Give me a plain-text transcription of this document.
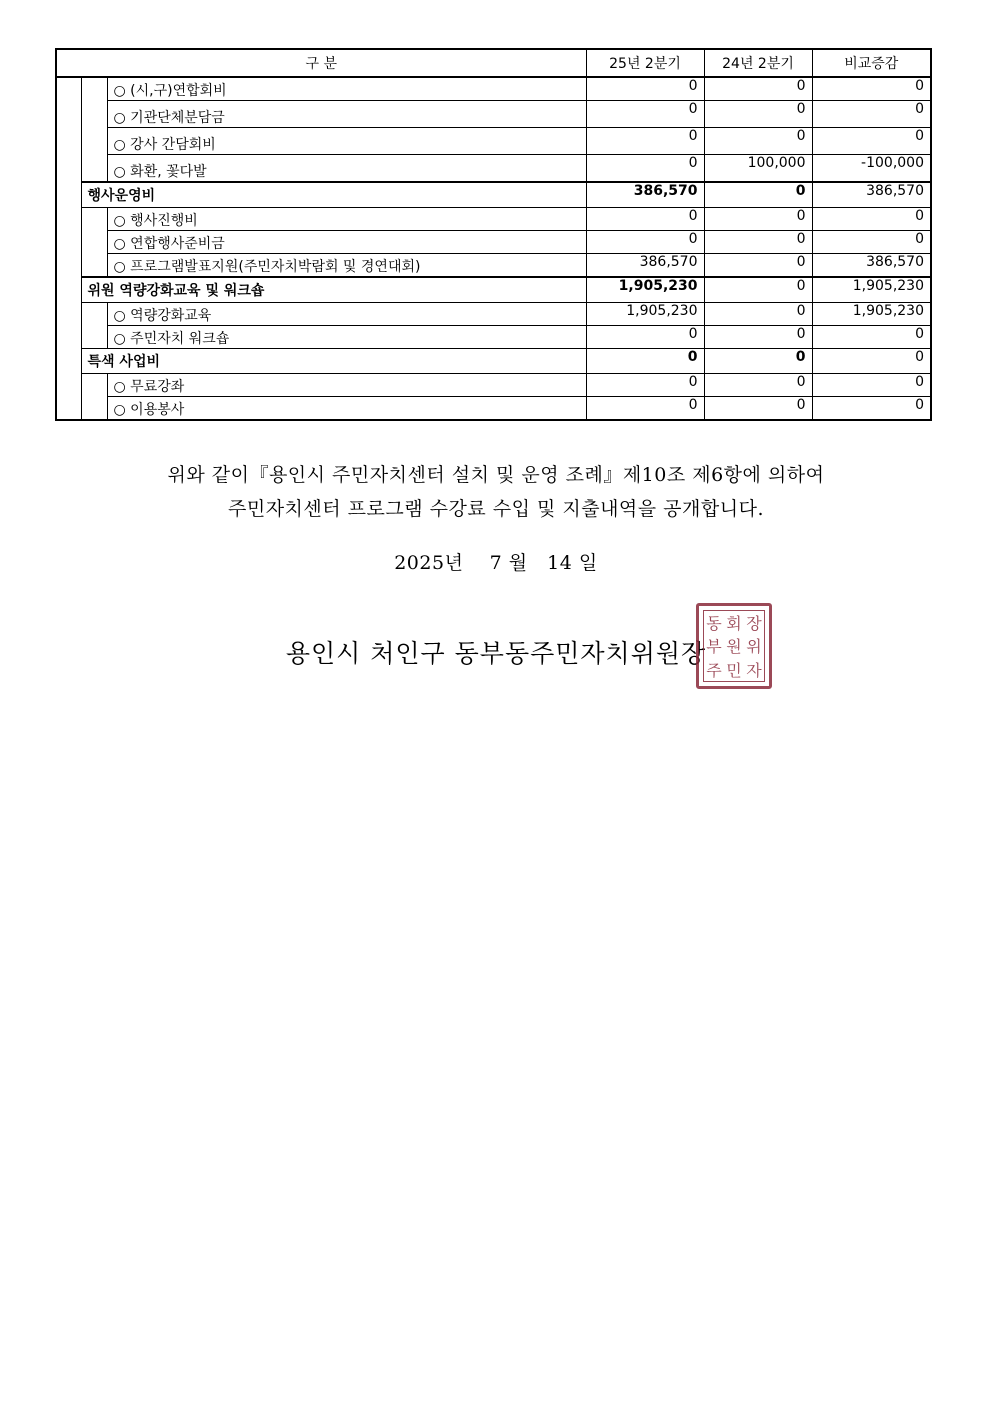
구 분			25년 2분기	24년 2분기	비교증감
		○ (시,구)연합회비	0	0	0
		○ 기관단체분담금	0	0	0
		○ 강사 간담회비	0	0	0
		○ 화환, 꽃다발	0	100,000	-100,000
	행사운영비		386,570	0	386,570
		○ 행사진행비	0	0	0
		○ 연합행사준비금	0	0	0
		○ 프로그램발표지원(주민자치박람회 및 경연대회)	386,570	0	386,570
	위원 역량강화교육 및 워크숍		1,905,230	0	1,905,230
		○ 역량강화교육	1,905,230	0	1,905,230
		○ 주민자치 워크숍	0	0	0
	특색 사업비		0	0	0
		○ 무료강좌	0	0	0
		○ 이용봉사	0	0	0
위와 같이『용인시 주민자치센터 설치 및 운영 조례』제10조 제6항에 의하여
주민자치센터 프로그램 수강료 수입 및 지출내역을 공개합니다.
2025년    7 월   14 일
용인시 처인구 동부동주민자치위원장
동 회 장
부 원 위
주 민 자
